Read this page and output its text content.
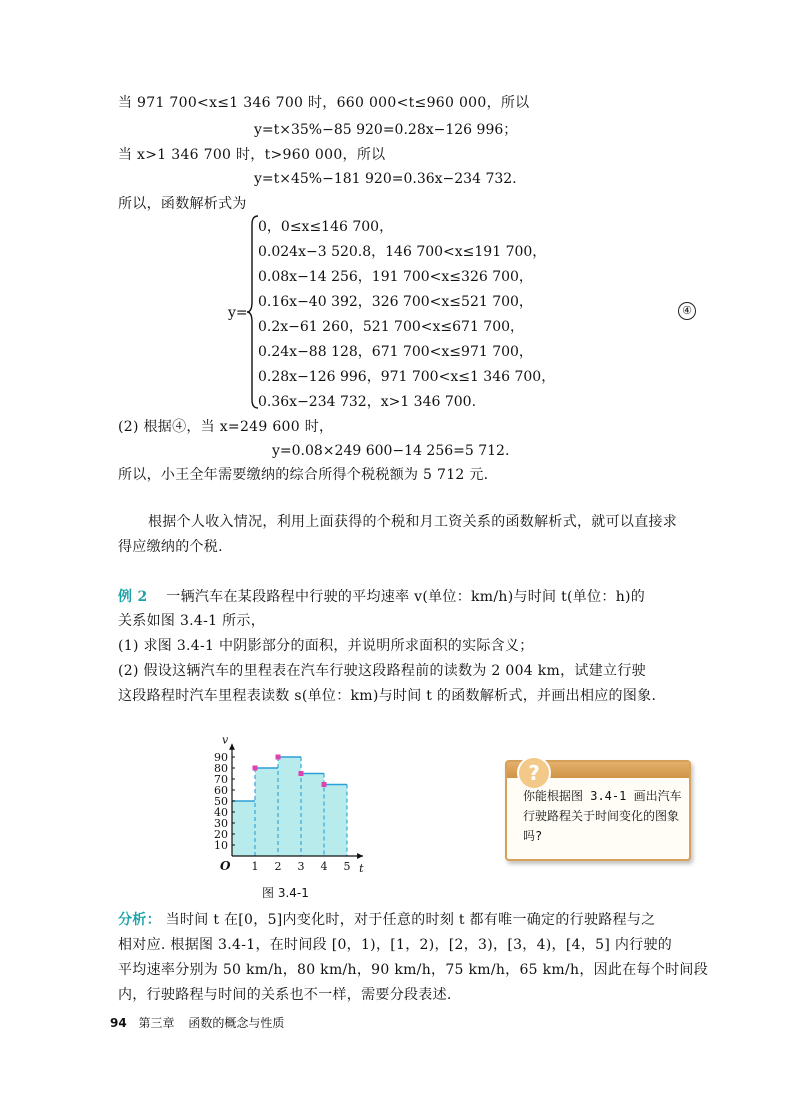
当 971 700<x≤1 346 700 时，660 000<t≤960 000，所以
y=t×35%−85 920=0.28x−126 996；
当 x>1 346 700 时，t>960 000，所以
y=t×45%−181 920=0.36x−234 732.
所以，函数解析式为
y=
0，0≤x≤146 700，
0.024x−3 520.8，146 700<x≤191 700，
0.08x−14 256，191 700<x≤326 700，
0.16x−40 392，326 700<x≤521 700，
0.2x−61 260，521 700<x≤671 700，
0.24x−88 128，671 700<x≤971 700，
0.28x−126 996，971 700<x≤1 346 700，
0.36x−234 732，x>1 346 700.
④
(2) 根据④，当 x=249 600 时，
y=0.08×249 600−14 256=5 712.
所以，小王全年需要缴纳的综合所得个税税额为 5 712 元.
根据个人收入情况，利用上面获得的个税和月工资关系的函数解析式，就可以直接求
得应缴纳的个税.
例 2 一辆汽车在某段路程中行驶的平均速率 v(单位：km/h)与时间 t(单位：h)的
关系如图 3.4-1 所示，
(1) 求图 3.4-1 中阴影部分的面积，并说明所求面积的实际含义；
(2) 假设这辆汽车的里程表在汽车行驶这段路程前的读数为 2 004 km，试建立行驶
这段路程时汽车里程表读数 s(单位：km)与时间 t 的函数解析式，并画出相应的图象.
10
20
30
40
50
60
70
80
90
1 2 3 4 5
O
v
t
图 3.4-1
?
你能根据图 3.4-1 画出汽车行驶路程关于时间变化的图象吗?
分析： 当时间 t 在[0，5]内变化时，对于任意的时刻 t 都有唯一确定的行驶路程与之
相对应. 根据图 3.4-1，在时间段 [0，1)，[1，2)，[2，3)，[3，4)，[4，5] 内行驶的
平均速率分别为 50 km/h，80 km/h，90 km/h，75 km/h，65 km/h，因此在每个时间段
内，行驶路程与时间的关系也不一样，需要分段表述.
94 第三章 函数的概念与性质
